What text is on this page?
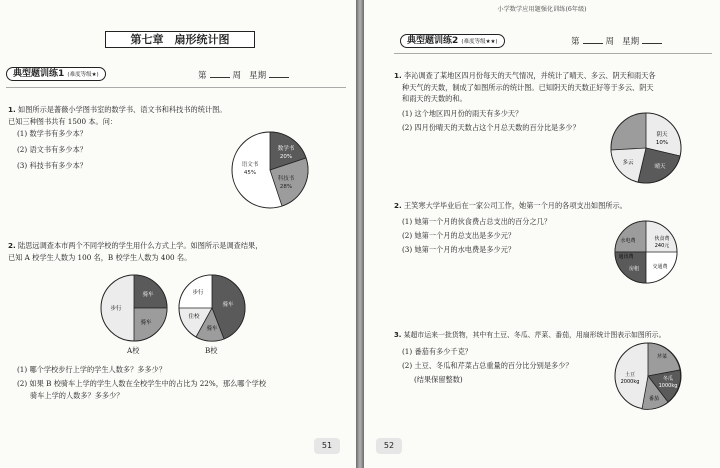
第七章　扇形统计图
典型题训练1 (难度等级★)	第	周 星期
1. 如图所示是蔷薇小学图书室的数学书、语文书和科技书的统计图。已知三种图书共有 1500 本。问：
(1) 数学书有多少本？
(2) 语文书有多少本？
(3) 科技书有多少本？
数学书
20%
语文书
45%
科技书
28%
2. 陆思远调查本市两个不同学校的学生用什么方式上学。如图所示是调查结果，
已知 A 校学生人数为 100 名，B 校学生人数为 400 名。
步行
骑车
骑车
A校
步行
住校
骑车
骑车
B校
(1) 哪个学校步行上学的学生人数多？多多少？
(2) 如果 B 校骑车上学的学生人数在全校学生中的占比为 22%，那么哪个学校
骑车上学的人数多？多多少？
51
小学数学应用题强化训练(6年级)
典型题训练2 (难度等级★★)	第	周 星期
1. 李沁调查了某地区四月份每天的天气情况，并统计了晴天、多云、阴天和雨天各
种天气的天数，制成了如图所示的统计图。已知阴天的天数正好等于多云、阴天
和雨天的天数的和。
(1) 这个地区四月份的雨天有多少天？
(2) 四月份晴天的天数占这个月总天数的百分比是多少？
阴天
10%
多云
晴天
2. 王笑寒大学毕业后在一家公司工作，她第一个月的各项支出如图所示。
(1) 她第一个月的伙食费占总支出的百分之几？
(2) 她第一个月的总支出是多少元？
(3) 她第一个月的水电费是多少元？
伙食费
240元
水电费
通讯费
房租	交通费
3. 某超市运来一批货物，其中有土豆、冬瓜、芹菜、番茄，用扇形统计图表示如图所示。
(1) 番茄有多少千克？
(2) 土豆、冬瓜和芹菜占总重量的百分比分别是多少？
(结果保留整数)
芹菜
冬瓜
1000kg
番茄
土豆
2000kg
52
